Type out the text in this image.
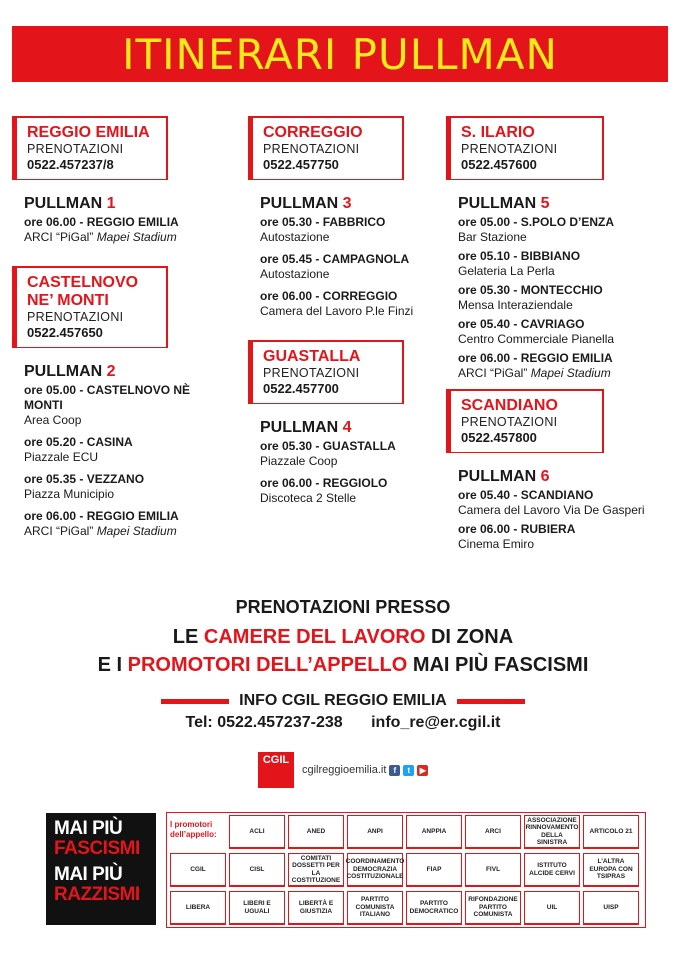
ITINERARI PULLMAN
REGGIO EMILIA
PRENOTAZIONI
0522.457237/8
PULLMAN 1
ore 06.00 - REGGIO EMILIA
ARCI “PiGal” Mapei Stadium
CASTELNOVO
NE’ MONTI
PRENOTAZIONI
0522.457650
PULLMAN 2
ore 05.00 - CASTELNOVO NÈ MONTI
Area Coop
ore 05.20 - CASINA
Piazzale ECU
ore 05.35 - VEZZANO
Piazza Municipio
ore 06.00 - REGGIO EMILIA
ARCI “PiGal” Mapei Stadium
CORREGGIO
PRENOTAZIONI
0522.457750
PULLMAN 3
ore 05.30 - FABBRICO
Autostazione
ore 05.45 - CAMPAGNOLA
Autostazione
ore 06.00 - CORREGGIO
Camera del Lavoro P.le Finzi
GUASTALLA
PRENOTAZIONI
0522.457700
PULLMAN 4
ore 05.30 - GUASTALLA
Piazzale Coop
ore 06.00 - REGGIOLO
Discoteca 2 Stelle
S. ILARIO
PRENOTAZIONI
0522.457600
PULLMAN 5
ore 05.00 - S.POLO D’ENZA
Bar Stazione
ore 05.10 - BIBBIANO
Gelateria La Perla
ore 05.30 - MONTECCHIO
Mensa Interaziendale
ore 05.40 - CAVRIAGO
Centro Commerciale Pianella
ore 06.00 - REGGIO EMILIA
ARCI “PiGal” Mapei Stadium
SCANDIANO
PRENOTAZIONI
0522.457800
PULLMAN 6
ore 05.40 - SCANDIANO
Camera del Lavoro Via De Gasperi
ore 06.00 - RUBIERA
Cinema Emiro
PRENOTAZIONI PRESSO
LE CAMERE DEL LAVORO DI ZONA
E I PROMOTORI DELL’APPELLO MAI PIÙ FASCISMI
INFO CGIL REGGIO EMILIA
Tel: 0522.457237-238 info_re@er.cgil.it
CGIL
REGGIO EMILIA
cgilreggioemilia.it f	t	▶
MAI PIÙ
FASCISMI
MAI PIÙ
RAZZISMI
I promotori dell’appello:	ACLI	ANED	ANPI	ANPPIA	ARCI
ASSOCIAZIONE RINNOVAMENTO DELLA SINISTRA
ARTICOLO 21
CGIL	CISL
COMITATI DOSSETTI PER LA COSTITUZIONE
COORDINAMENTO DEMOCRAZIA COSTITUZIONALE
FIAP	FIVL
ISTITUTO ALCIDE CERVI
L’ALTRA EUROPA CON TSIPRAS
LIBERA
LIBERI E UGUALI
LIBERTÀ E GIUSTIZIA
PARTITO COMUNISTA ITALIANO
PARTITO DEMOCRATICO
RIFONDAZIONE PARTITO COMUNISTA
UIL	UISP
